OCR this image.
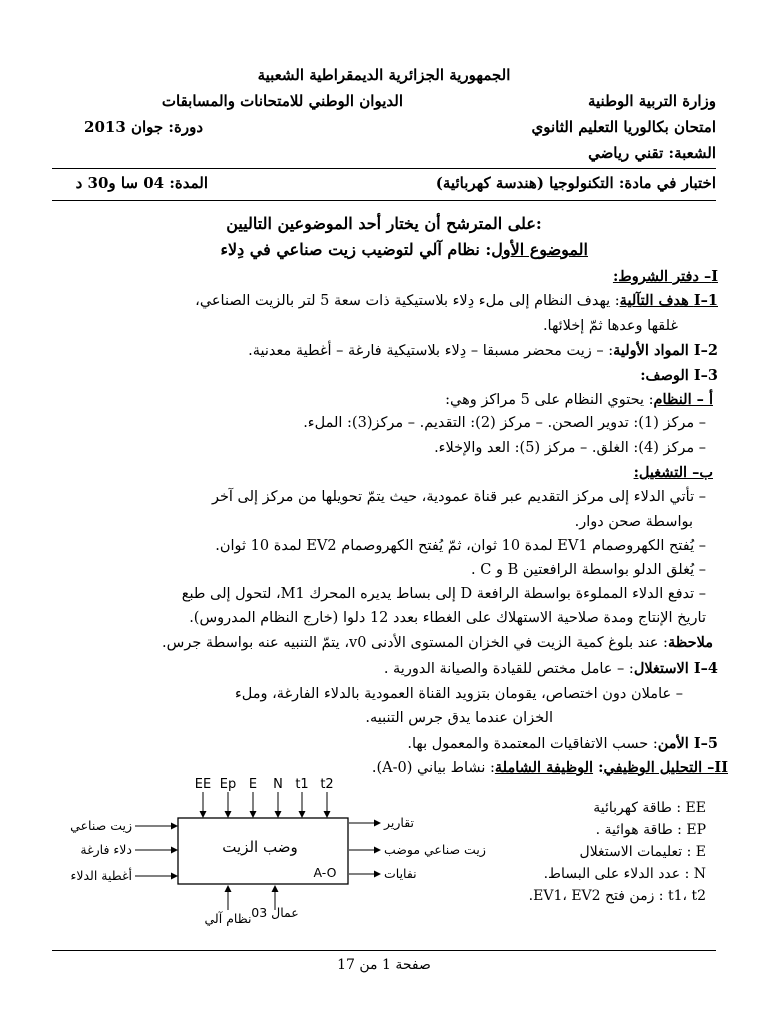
الجمهورية الجزائرية الديمقراطية الشعبية
وزارة التربية الوطنية
الديوان الوطني للامتحانات والمسابقات
امتحان بكالوريا التعليم الثانوي
دورة: جوان 2013
الشعبة: تقني رياضي
اختبار في مادة: التكنولوجيا (هندسة كهربائية)
المدة: 04 سا و30 د
على المترشح أن يختار أحد الموضوعين التاليين:
الموضوع الأول: نظام آلي لتوضيب زيت صناعي في دِلاء
I– دفتر الشروط:
I–1 هدف التآلية: يهدف النظام إلى ملء دِلاء بلاستيكية ذات سعة 5 لتر بالزيت الصناعي،
غلقها وعدها ثمّ إخلائها.
I–2 المواد الأولية: – زيت محضر مسبقا – دِلاء بلاستيكية فارغة – أغطية معدنية.
I–3 الوصف:
أ – النظام: يحتوي النظام على 5 مراكز وهي:
– مركز (1): تدوير الصحن. – مركز (2): التقديم. – مركز(3): الملء.
– مركز (4): الغلق. – مركز (5): العد والإخلاء.
ب– التشغيل:
– تأتي الدلاء إلى مركز التقديم عبر قناة عمودية، حيث يتمّ تحويلها من مركز إلى آخر
بواسطة صحن دوار.
– يُفتح الكهروصمام EV1 لمدة 10 ثوان، ثمّ يُفتح الكهروصمام EV2 لمدة 10 ثوان.
– يُغلق الدلو بواسطة الرافعتين B و C .
– تدفع الدلاء المملوءة بواسطة الرافعة D إلى بساط يديره المحرك M1، لتحول إلى طبع
تاريخ الإنتاج ومدة صلاحية الاستهلاك على الغطاء بعدد 12 دلوا (خارج النظام المدروس).
ملاحظة: عند بلوغ كمية الزيت في الخزان المستوى الأدنى v0، يتمّ التنبيه عنه بواسطة جرس.
I–4 الاستغلال: – عامل مختص للقيادة والصيانة الدورية .
– عاملان دون اختصاص، يقومان بتزويد القناة العمودية بالدلاء الفارغة، وملء
الخزان عندما يدق جرس التنبيه.
I–5 الأمن: حسب الاتفاقيات المعتمدة والمعمول بها.
II– التحليل الوظيفي: الوظيفة الشاملة: نشاط بياني (A-0).
EE Ep E N t1 t2
زيت صناعي
دلاء فارغة
أغطية الدلاء
تقارير
زيت صناعي موضب
نفايات
نظام آلي 03 عمال
وضب الزيت
A-O
EE : طاقة كهربائية
EP : طاقة هوائية .
E : تعليمات الاستغلال
N : عدد الدلاء على البساط.
t1، t2 : زمن فتح EV1، EV2.
صفحة 1 من 17
